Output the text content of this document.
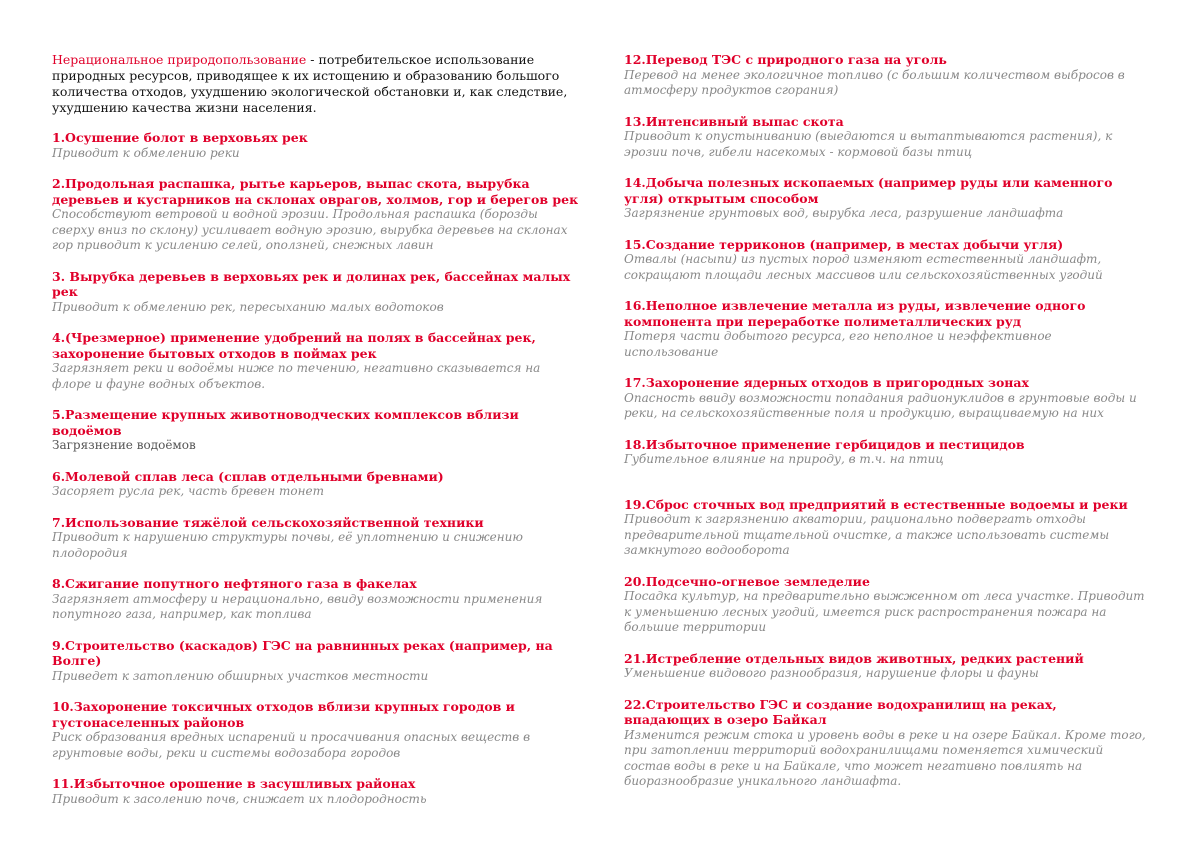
Нерациональное природопользование - потребительское использование природных ресурсов, приводящее к их истощению и образованию большого количества отходов, ухудшению экологической обстановки и, как следствие, ухудшению качества жизни населения.

1.Осушение болот в верховьях рек
Приводит к обмелению реки
2.Продольная распашка, рытье карьеров, выпас скота, вырубка деревьев и кустарников на склонах оврагов, холмов, гор и берегов рек
Способствуют ветровой и водной эрозии. Продольная распашка (борозды сверху вниз по склону) усиливает водную эрозию, вырубка деревьев на склонах гор приводит к усилению селей, оползней, снежных лавин
3. Вырубка деревьев в верховьях рек и долинах рек, бассейнах малых рек
Приводит к обмелению рек, пересыханию малых водотоков
4.(Чрезмерное) применение удобрений на полях в бассейнах рек, захоронение бытовых отходов в поймах рек
Загрязняет реки и водоёмы ниже по течению, негативно сказывается на флоре и фауне водных объектов.
5.Размещение крупных животноводческих комплексов вблизи водоёмов
Загрязнение водоёмов
6.Молевой сплав леса (сплав отдельными бревнами)
Засоряет русла рек, часть бревен тонет
7.Использование тяжёлой сельскохозяйственной техники
Приводит к нарушению структуры почвы, её уплотнению и снижению плодородия
8.Сжигание попутного нефтяного газа в факелах
Загрязняет атмосферу и нерационально, ввиду возможности применения попутного газа, например, как топлива
9.Строительство (каскадов) ГЭС на равнинных реках (например, на Волге)
Приведет к затоплению обширных участков местности
10.Захоронение токсичных отходов вблизи крупных городов и густонаселенных районов
Риск образования вредных испарений и просачивания опасных веществ в грунтовые воды, реки и системы водозабора городов
11.Избыточное орошение в засушливых районах
Приводит к засолению почв, снижает их плодородность
12.Перевод ТЭС с природного газа на уголь
Перевод на менее экологичное топливо (с большим количеством выбросов в атмосферу продуктов сгорания)
13.Интенсивный выпас скота
Приводит к опустыниванию (выедаются и вытаптываются растения), к эрозии почв, гибели насекомых - кормовой базы птиц
14.Добыча полезных ископаемых (например руды или каменного угля) открытым способом
Загрязнение грунтовых вод, вырубка леса, разрушение ландшафта
15.Создание терриконов (например, в местах добычи угля)
Отвалы (насыпи) из пустых пород изменяют естественный ландшафт, сокращают площади лесных массивов или сельскохозяйственных угодий
16.Неполное извлечение металла из руды, извлечение одного компонента при переработке полиметаллических руд
Потеря части добытого ресурса, его неполное и неэффективное использование
17.Захоронение ядерных отходов в пригородных зонах
Опасность ввиду возможности попадания радионуклидов в грунтовые воды и реки, на сельскохозяйственные поля и продукцию, выращиваемую на них
18.Избыточное применение гербицидов и пестицидов
Губительное влияние на природу, в т.ч. на птиц
19.Сброс сточных вод предприятий в естественные водоемы и реки
Приводит к загрязнению акватории, рационально подвергать отходы предварительной тщательной очистке, а также использовать системы замкнутого водооборота
20.Подсечно-огневое земледелие
Посадка культур, на предварительно выжженном от леса участке. Приводит к уменьшению лесных угодий, имеется риск распространения пожара на большие территории
21.Истребление отдельных видов животных, редких растений
Уменьшение видового разнообразия, нарушение флоры и фауны
22.Строительство ГЭС и создание водохранилищ на реках, впадающих в озеро Байкал
Изменится режим стока и уровень воды в реке и на озере Байкал. Кроме того, при затоплении территорий водохранилищами поменяется химический состав воды в реке и на Байкале, что может негативно повлиять на биоразнообразие уникального ландшафта.
